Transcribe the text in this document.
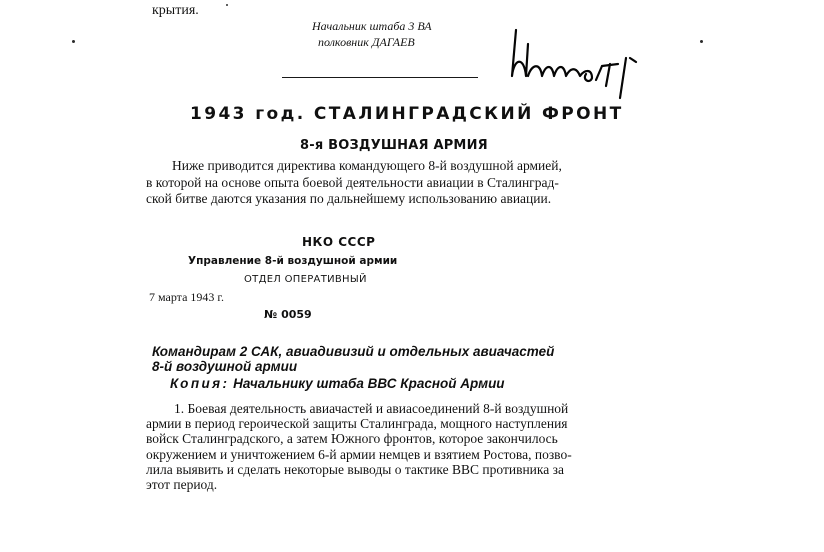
крытия.
Начальник штаба 3 ВА
полковник ДАГАЕВ
1943 год. СТАЛИНГРАДСКИЙ ФРОНТ
8-я ВОЗДУШНАЯ АРМИЯ
Ниже приводится директива командующего 8-й воздушной армией,
в которой на основе опыта боевой деятельности авиации в Сталинград-
ской битве даются указания по дальнейшему использованию авиации.
НКО СССР
Управление 8-й воздушной армии
ОТДЕЛ ОПЕРАТИВНЫЙ
7 марта 1943 г.
№ 0059
Командирам 2 САК, авиадивизий и отдельных авиачастей
8-й воздушной армии
Копия: Начальнику штаба ВВС Красной Армии
1. Боевая деятельность авиачастей и авиасоединений 8-й воздушной
армии в период героической защиты Сталинграда, мощного наступления
войск Сталинградского, а затем Южного фронтов, которое закончилось
окружением и уничтожением 6-й армии немцев и взятием Ростова, позво-
лила выявить и сделать некоторые выводы о тактике ВВС противника за
этот период.
